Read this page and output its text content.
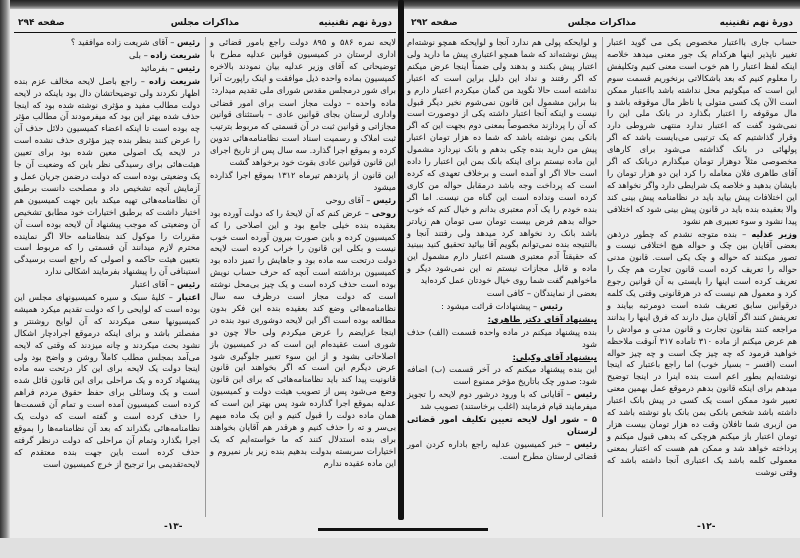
دورهٔ نهم تقنینیه
مذاکرات مجلس
صفحه ۲۹۴

لایحه نمره ۵۸۶ و ۸۹۵ دولت راجع بامور قضائی و اداری لرستان در کمیسیون قوانین عدلیه مطرح با توضیحاتی که آقای وزیر عدلیه بیان نمودند بالاخره کمیسیون بماده واحده ذیل موافقت و اینک راپورت آنرا برای شور درمجلس مقدس شورای ملی تقدیم میدارد:

ماده واحده – دولت مجاز است برای امور قضائی واداری لرستان بجای قوانین عادی – باستثنای قوانین مجازاتی و قوانین ثبت در آن قسمتی که مربوط بترتیب ثبت املاک و رسمیت اسناد است نظامنامه‌هائی تدوین کرده و بموقع اجرا گذارد. سه سال پس از تاریخ اجرای این قانون قوانین عادی بقوت خود برخواهد گشت

این قانون از پانزدهم تیرماه ۱۳۱۲ بموقع اجرا گذارده میشود

رئیس – آقای روحی

روحی – عرض کنم که آن لایحهٔ را که دولت آورده بود بعقیده بنده خیلی جامع بود و این اصلاحی را که کمیسیون کرده و باین صورت بیرون آورده است خوب نیست و بکلی این قانون را خراب کرده است لایحه دولت درتحت سه ماده بود و جاهایش را تمیز داده بود کمیسیون برداشته است آنچه که حرف حساب نویش بوده است حذف کرده است و یک چیز بی‌محل نوشته است که دولت مجاز است درظرف سه سال نظامنامه‌هائی وضع کند بعقیده بنده این فکر بدون مطالعه بوده است اگر این لایحه دوشوری نبود بنده در اینجا عرایضم را عرض میکردم ولی حالا چون دو شوری است عقیده‌ام این است که در کمیسیون باز اصلاحاتی بشود و از این سوء تعبیر جلوگیری شود عرض دیگرم این است که اگر بخواهند این قانون قانونیت پیدا کند باید نظامنامه‌هائی که برای این قانون وضع می‌شود پس از تصویب هیئت دولت و کمیسیون عدلیه بموقع اجرا گذارده شود پس بهتر این است که همان ماده دولت را قبول کنیم و این یک ماده مبهم بی‌سر و ته را حذف کنیم و هرقدر هم آقایان بخواهند برای بنده استدلال کنند که ما خواسته‌ایم که یک اختیارات سربسته بدولت بدهیم بنده زیر بار نمیروم و این ماده عقیده ندارم

رئیس – آقای شریعت زاده موافقید ؟

شریعت زاده – بلی

رئیس – بفرمائید

شریعت زاده – راجع باصل لایحه مخالف عزم بنده اظهار نکردند ولی توضیحاتشان دال بود باینکه در لایحه دولت مطالب مفید و مؤثری نوشته شده بود که اینجا حذف شده بهتر این بود که میفرمودند آن مطالب مؤثر چه بوده است تا اینکه اعضاء کمیسیون دلائل حذف آن را عرض کنند بنظر بنده چیز مؤثری حذف نشده است در لایحه یک اصولی معین شده بود برای تعیین هیئت‌هائی برای رسیدگی نظر باین که وضعیت آن جا یک وضعیتی بوده است که دولت درضمن جریان عمل و آزمایش آنچه تشخیص داد و مصلحت دانست برطبق آن نظامنامه‌هائی تهیه میکند باین جهت کمیسیون هم اختیار داشت که برطبق اختیارات خود مطابق تشخیص آن وضعیتی که موجب پیشنهاد آن لایحه بوده است آن مقررات را موکول کند بنظامنامه حالا اگر نماینده محترم لازم میدانند آن قسمتی را که مربوط است بتعیین هیئت حاکمه و اصولی که راجع است برسیدگی استینافی آن را پیشنهاد بفرمایند اشکالی ندارد

رئیس – آقای اعتبار

اعتبار – کلیهٔ سبک و سیره کمیسیونهای مجلس این بوده است که لوایحی را که دولت تقدیم میکرد همیشه کمیسیونها سعی میکردند که آن لوایح روشنتر و مفصلتر باشد و برای اینکه درموقع اجرادچار اشکال نشود بحث میکردند و چانه میزدند که وقتی که لایحه می‌آمد بمجلس مطلب کاملاً روشن و واضح بود ولی اینجا دولت یک لایحه برای این کار درتحت سه ماده پیشنهاد کرده و یک مراحلی برای این قانون قائل شده است و یک وسائلی برای حفظ حقوق مردم فراهم کرده است کمیسیون آمده است و تمام آن قسمت‌ها را حذف کرده است و گفته است که دولت یک نظامنامه‌هائی بگذراند که بعد آن نظامنامه‌ها را بموقع اجرا بگذارد وتمام آن مراحلی که دولت درنظر گرفته حذف کرده است باین جهت بنده معتقدم که لایحه‌تقدیمی برا ترجیح از خرج کمیسیون است

-۱۳-
دورهٔ نهم تقنینیه
مذاکرات مجلس
صفحه ۲۹۲

حساب جاری بااعتبار مخصوص یکی می گوید اعتبار تغییر ناپذیر اینها هرکدام یک جور معنی میدهد خلاصه اینکه لفظ اعتبار را هم خوب است معنی کنیم وتکلیفش را معلوم کنیم که بعد باشکالاتی برنخوریم قسمت سوم این است که میگوئیم محل نداشته باشد بااعتبار ممکن است الآن یک کسی متولی یا ناظر مال موقوفه باشد و مال موقوفه را اعتبار بگذارد در بانک ملی این را نمی‌شود گفت که اعتبار ندارد منتهی شروطی دارد وقرار گذاشتیم که یک ترتیبی می‌بایست باشد که اگر پولهائی در بانک گذاشته می‌شود برای کارهای مخصوصی مثلاً دوهزار تومان میگذارم دربانک که اگر آقای طاهری فلان معامله را کرد این دو هزار تومان را بایشان بدهید و خلاصه یک شرایطی دارد واگر نخواهد که این اختلافات پیش بیاید باید در نظامنامه پیش بینی کند والا بعقیده بنده باید در قانون پیش بینی شود که اختلافی پیدا نشود و سوء تعبیری هم نشود

وزیر عدلیه – بنده متوجه نشدم که چطور درذهن بعضی آقایان بین چک و حواله هیچ اختلافی نیست و تصور میکنند که حواله و چک یکی است. قانون مدنی حواله را تعریف کرده است قانون تجارت هم چک را تعریف کرده است اینها را بایستی به آن قوانین رجوع کرد و معمول هم نیست که در هرقانونی وقتی یک کلمه درقوانین سابق تعریف شده است دومرتبه بیایند و تعریفش کنند اگر آقایان میل دارند که فرق اینها را بدانند مراجعه کنند بقانون تجارت و قانون مدنی و موادش را هم عرض میکنم از ماده ۳۱۰ تاماده ۳۱۷ آنوقت ملاحظه خواهید فرمود که چه چیز چک است و چه چیز حواله است (افسر – بسیار خوب) اما راجع باعتبار که اینجا نوشته‌ایم بطور اعم است بنده اینرا در اینجا توضیح میدهم برای اینکه قانون بدهم درموقع عمل بهمین معنی تعبیر شود ممکن است یک کسی در پیش بانک اعتبار داشته باشد شخص بانکی بمن بانک باو نوشته باشد که من ازبری شما تافلان وقت ده هزار تومان بیست هزار تومان اعتبار باز میکنم هرچکی که بدهی قبول میکنم و پرداخته خواهد شد و ممکن هم هست که اعتبار بمعنی معمولی کلمه باشد یک اعتباری آنجا داشته باشد که وقتی نوشت

و لوایحکه پولی هم ندارد آنجا و لوایحکه همچو نوشته‌ام پیش نوشته‌اند که شما همچو اعتباری پیش ما دارید ولی اعتبار پیش بکنند و بدهند ولی ضمناً اینجا عرض میکنم که اگر رفتند و نداد این دلیل براین است که اعتبار نداشته است حالا نگوید من گمان میکردم اعتبار دارم و بنا براین مشمول این قانون نمی‌شوم نخیر دیگر قبول نیست و اینکه آنجا اعتبار داشته یکی از دوصورت است که آن را پردازند مخصوصاً بمعنی دوم بجهت این که اگر بانکی بمن نوشته باشد که شما ده هزار تومان اعتبار پیش من دارید بنده چکی بدهم و بانک نپردازد مشمول این ماده نیستم برای اینکه بانک بمن این اعتبار را داده است حالا اگر او آمده است و برخلاف تعهدی که کرده است که پرداخت وجه باشد درمقابل حواله من کاری کرده است ونداده است این گناه من نیست. اما اگر بنده خودم را یک آدم معتبری بدانم و خیال کنم که خوب حواله بدهم فرض بیست تومان سی تومان هم زیادتر باشد بانک رد نخواهد کرد میدهد ولی رفتند آنجا و بالنتیجه بنده نمی‌توانم بگویم آقا بیائید تحقیق کنید ببینید که حقیقتاً آدم معتبری هستم اعتبار دارم مشمول این ماده و قابل مجازات نیستم نه این نمی‌شود دیگر و ماخواهیم گفت شما روی خیال خودتان عمل کرده‌اید

بعضی از نمایندگان – کافی است

رئیس – پیشنهادات قرائت میشود :

پیشنهاد آقای دکتر طاهری:

بنده پیشنهاد میکنم در ماده واحده قسمت (الف) حذف شود

پیشنهاد آقای وکیلی:

این بنده پیشنهاد میکنم که در آخر قسمت (ب) اضافه شود: صدور چک باتاریخ مؤخر ممنوع است

رئیس – آقایانی که با ورود درشور دوم لایحه را تجویز میفرمایند قیام فرمایند (اغلب برخاستند) تصویب شد

۵ – شور اول لایحه تعیین تکلیف امور قضائی لرستان

رئیس – خبر کمیسیون عدلیه راجع باداره کردن امور قضائی لرستان مطرح است.

-۱۲-
